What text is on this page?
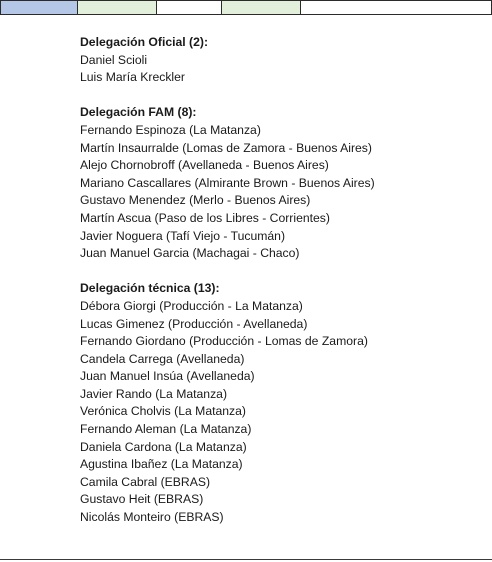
Delegación Oficial (2):
Daniel Scioli
Luis María Kreckler
Delegación FAM (8):
Fernando Espinoza (La Matanza)
Martín Insaurralde (Lomas de Zamora - Buenos Aires)
Alejo Chornobroff (Avellaneda - Buenos Aires)
Mariano Cascallares (Almirante Brown - Buenos Aires)
Gustavo Menendez (Merlo - Buenos Aires)
Martín Ascua (Paso de los Libres - Corrientes)
Javier Noguera (Tafí Viejo - Tucumán)
Juan Manuel Garcia (Machagai - Chaco)
Delegación técnica (13):
Débora Giorgi (Producción - La Matanza)
Lucas Gimenez (Producción - Avellaneda)
Fernando Giordano (Producción - Lomas de Zamora)
Candela Carrega (Avellaneda)
Juan Manuel Insúa (Avellaneda)
Javier Rando (La Matanza)
Verónica Cholvis (La Matanza)
Fernando Aleman (La Matanza)
Daniela Cardona (La Matanza)
Agustina Ibañez (La Matanza)
Camila Cabral (EBRAS)
Gustavo Heit (EBRAS)
Nicolás Monteiro (EBRAS)
